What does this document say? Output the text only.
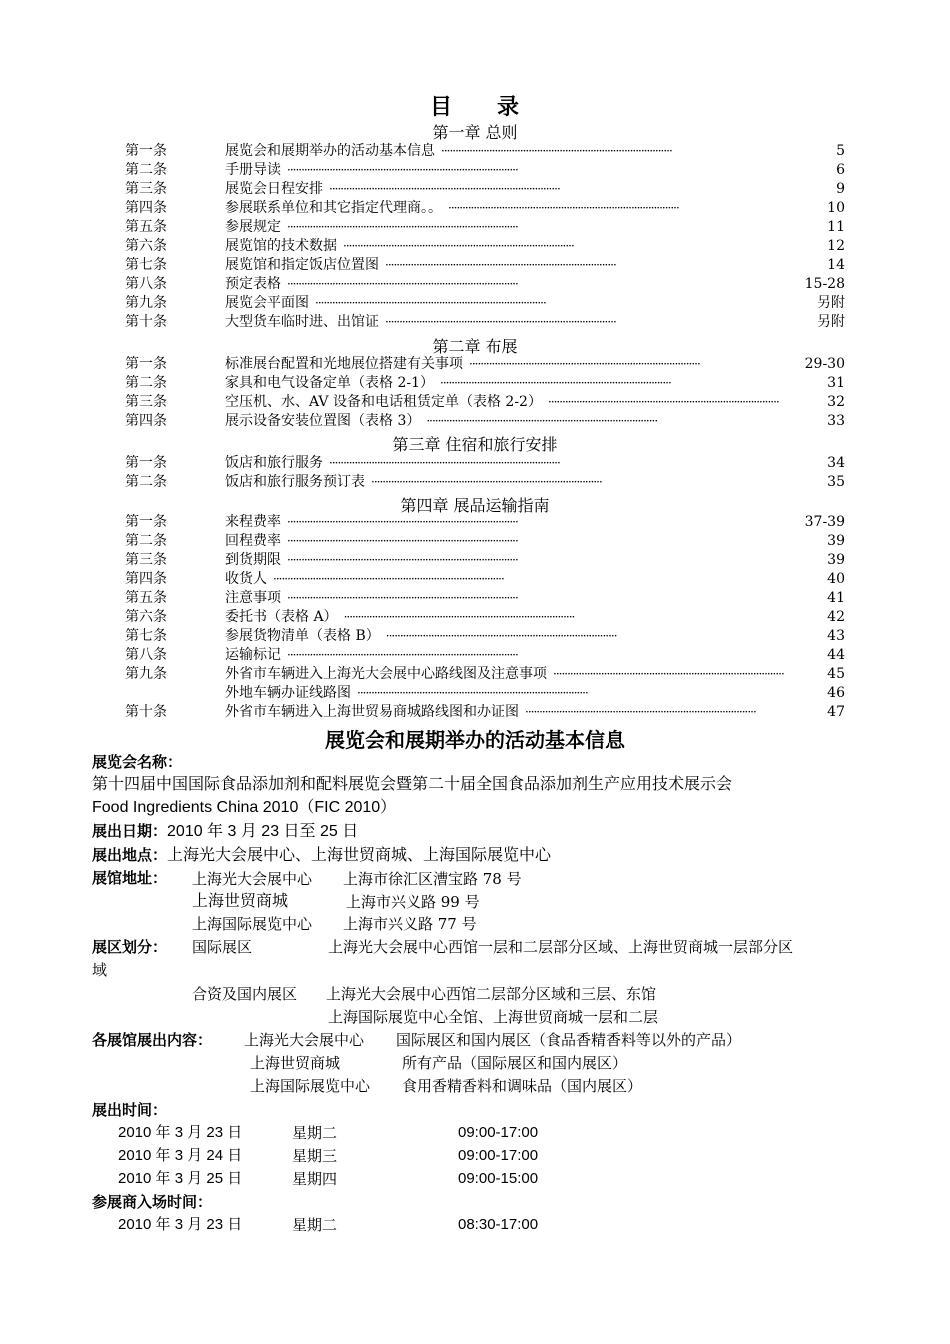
目 录
第一章 总则
第一条	展览会和展期举办的活动基本信息 ··················································································	5
第二条	手册导读 ··················································································	6
第三条	展览会日程安排 ··················································································	9
第四条	参展联系单位和其它指定代理商。。 ··················································································	10
第五条	参展规定 ··················································································	11
第六条	展览馆的技术数据 ··················································································	12
第七条	展览馆和指定饭店位置图 ··················································································	14
第八条	预定表格 ··················································································	15-28
第九条	展览会平面图 ··················································································	另附
第十条	大型货车临时进、出馆证 ··················································································	另附
第二章 布展
第一条	标准展台配置和光地展位搭建有关事项 ··················································································	29-30
第二条	家具和电气设备定单（表格 2-1） ··················································································	31
第三条	空压机、水、AV 设备和电话租赁定单（表格 2-2） ··················································································	32
第四条	展示设备安装位置图（表格 3） ··················································································	33
第三章 住宿和旅行安排
第一条	饭店和旅行服务 ··················································································	34
第二条	饭店和旅行服务预订表 ··················································································	35
第四章 展品运输指南
第一条	来程费率 ··················································································	37-39
第二条	回程费率 ··················································································	39
第三条	到货期限 ··················································································	39
第四条	收货人 ··················································································	40
第五条	注意事项 ··················································································	41
第六条	委托书（表格 A） ··················································································	42
第七条	参展货物清单（表格 B） ··················································································	43
第八条	运输标记 ··················································································	44
第九条	外省市车辆进入上海光大会展中心路线图及注意事项 ··················································································	45
外地车辆办证线路图 ··················································································	46
第十条	外省市车辆进入上海世贸易商城路线图和办证图 ··················································································	47
展览会和展期举办的活动基本信息
展览会名称：
第十四届中国国际食品添加剂和配料展览会暨第二十届全国食品添加剂生产应用技术展示会
Food Ingredients China 2010（FIC 2010）
展出日期：2010 年 3 月 23 日至 25 日
展出地点：上海光大会展中心、上海世贸商城、上海国际展览中心
展馆地址： 上海光大会展中心 上海市徐汇区漕宝路 78 号
上海世贸商城	上海市兴义路 99 号
上海国际展览中心 上海市兴义路 77 号
展区划分： 国际展区	上海光大会展中心西馆一层和二层部分区域、上海世贸商城一层部分区
域
合资及国内展区 上海光大会展中心西馆二层部分区域和三层、东馆
上海国际展览中心全馆、上海世贸商城一层和二层
各展馆展出内容： 上海光大会展中心 国际展区和国内展区（食品香精香料等以外的产品）
上海世贸商城	所有产品（国际展区和国内展区）
上海国际展览中心 食用香精香料和调味品（国内展区）
展出时间：
2010 年 3 月 23 日	星期二	09:00-17:00
2010 年 3 月 24 日	星期三	09:00-17:00
2010 年 3 月 25 日	星期四	09:00-15:00
参展商入场时间：
2010 年 3 月 23 日	星期二	08:30-17:00
